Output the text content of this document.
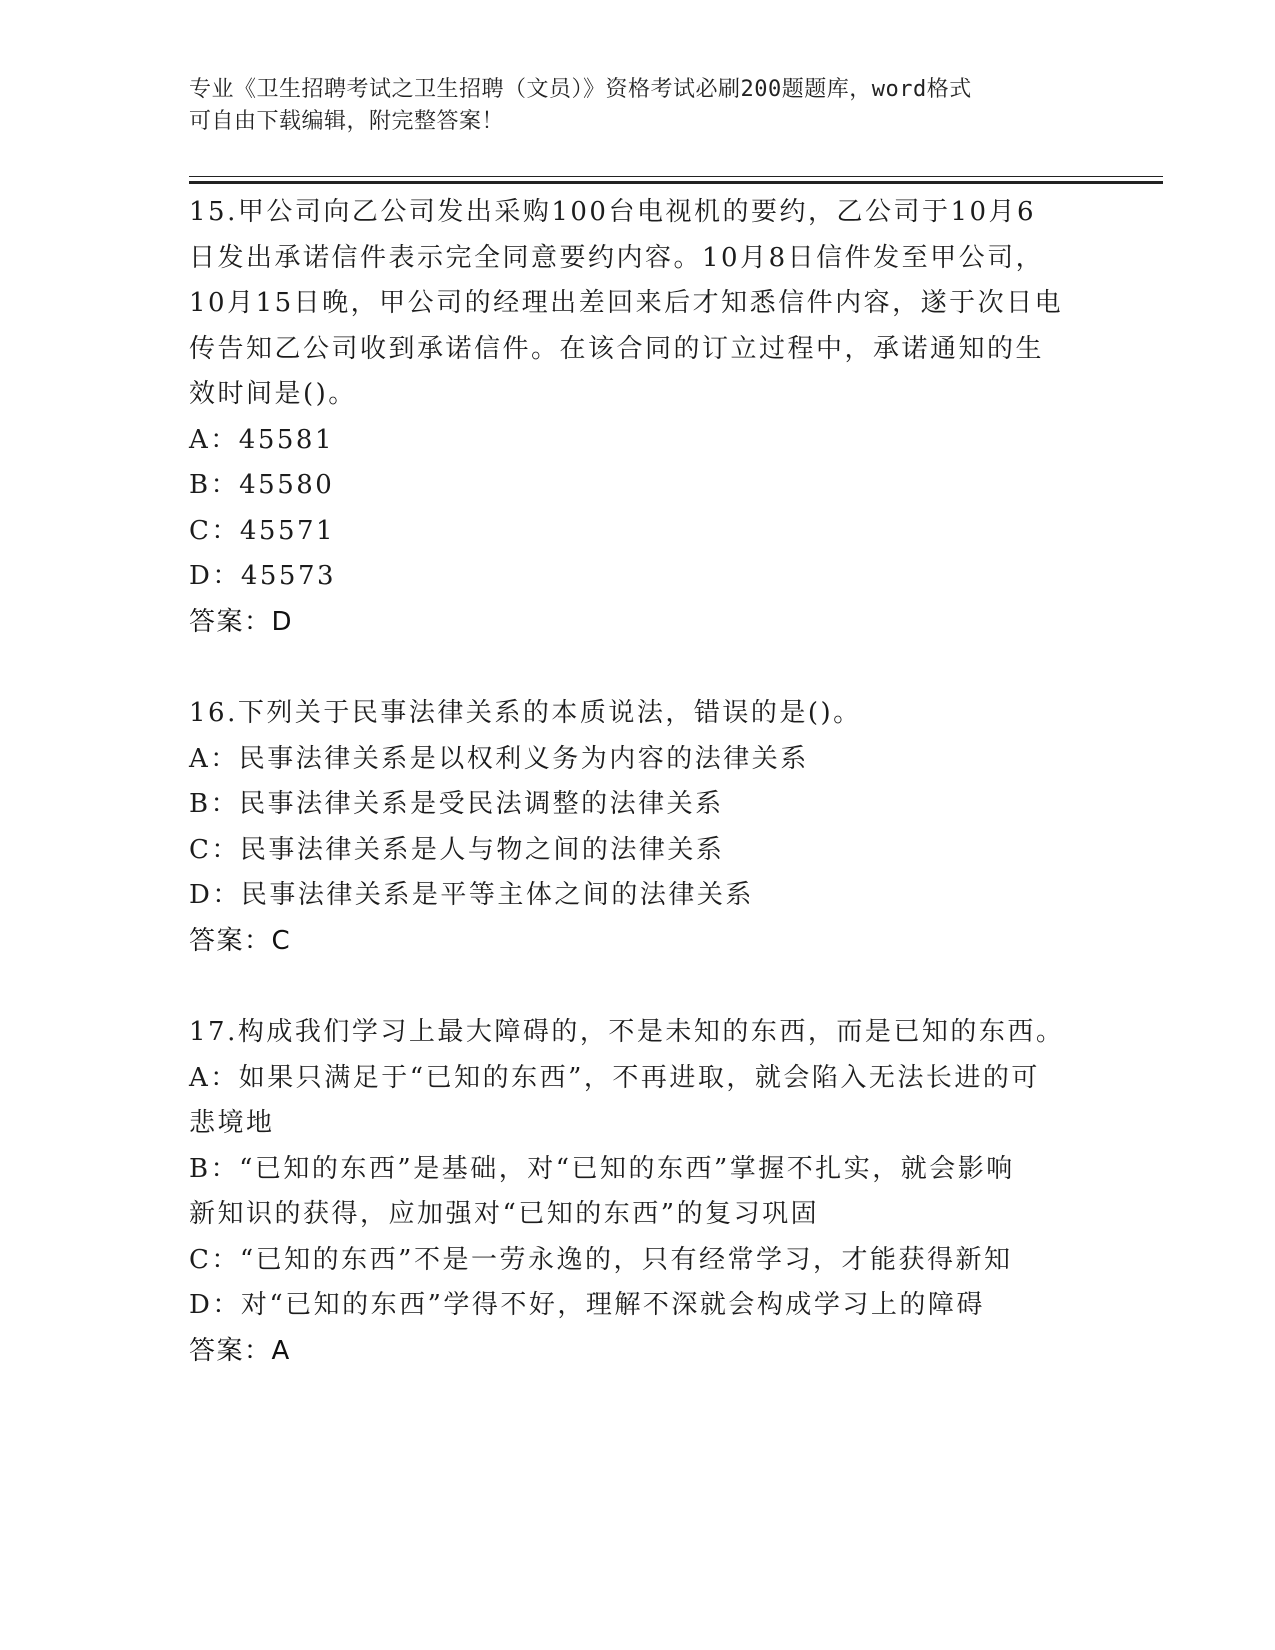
专业《卫生招聘考试之卫生招聘（文员）》资格考试必刷200题题库，word格式
可自由下载编辑，附完整答案！

15.甲公司向乙公司发出采购100台电视机的要约，乙公司于10月6

日发出承诺信件表示完全同意要约内容。10月8日信件发至甲公司，

10月15日晚，甲公司的经理出差回来后才知悉信件内容，遂于次日电

传告知乙公司收到承诺信件。在该合同的订立过程中，承诺通知的生

效时间是()。

A：45581

B：45580

C：45571

D：45573

答案：D

16.下列关于民事法律关系的本质说法，错误的是()。

A：民事法律关系是以权利义务为内容的法律关系

B：民事法律关系是受民法调整的法律关系

C：民事法律关系是人与物之间的法律关系

D：民事法律关系是平等主体之间的法律关系

答案：C

17.构成我们学习上最大障碍的，不是未知的东西，而是已知的东西。

A：如果只满足于“已知的东西”，不再进取，就会陷入无法长进的可

悲境地

B：“已知的东西”是基础，对“已知的东西”掌握不扎实，就会影响

新知识的获得，应加强对“已知的东西”的复习巩固

C：“已知的东西”不是一劳永逸的，只有经常学习，才能获得新知

D：对“已知的东西”学得不好，理解不深就会构成学习上的障碍

答案：A
